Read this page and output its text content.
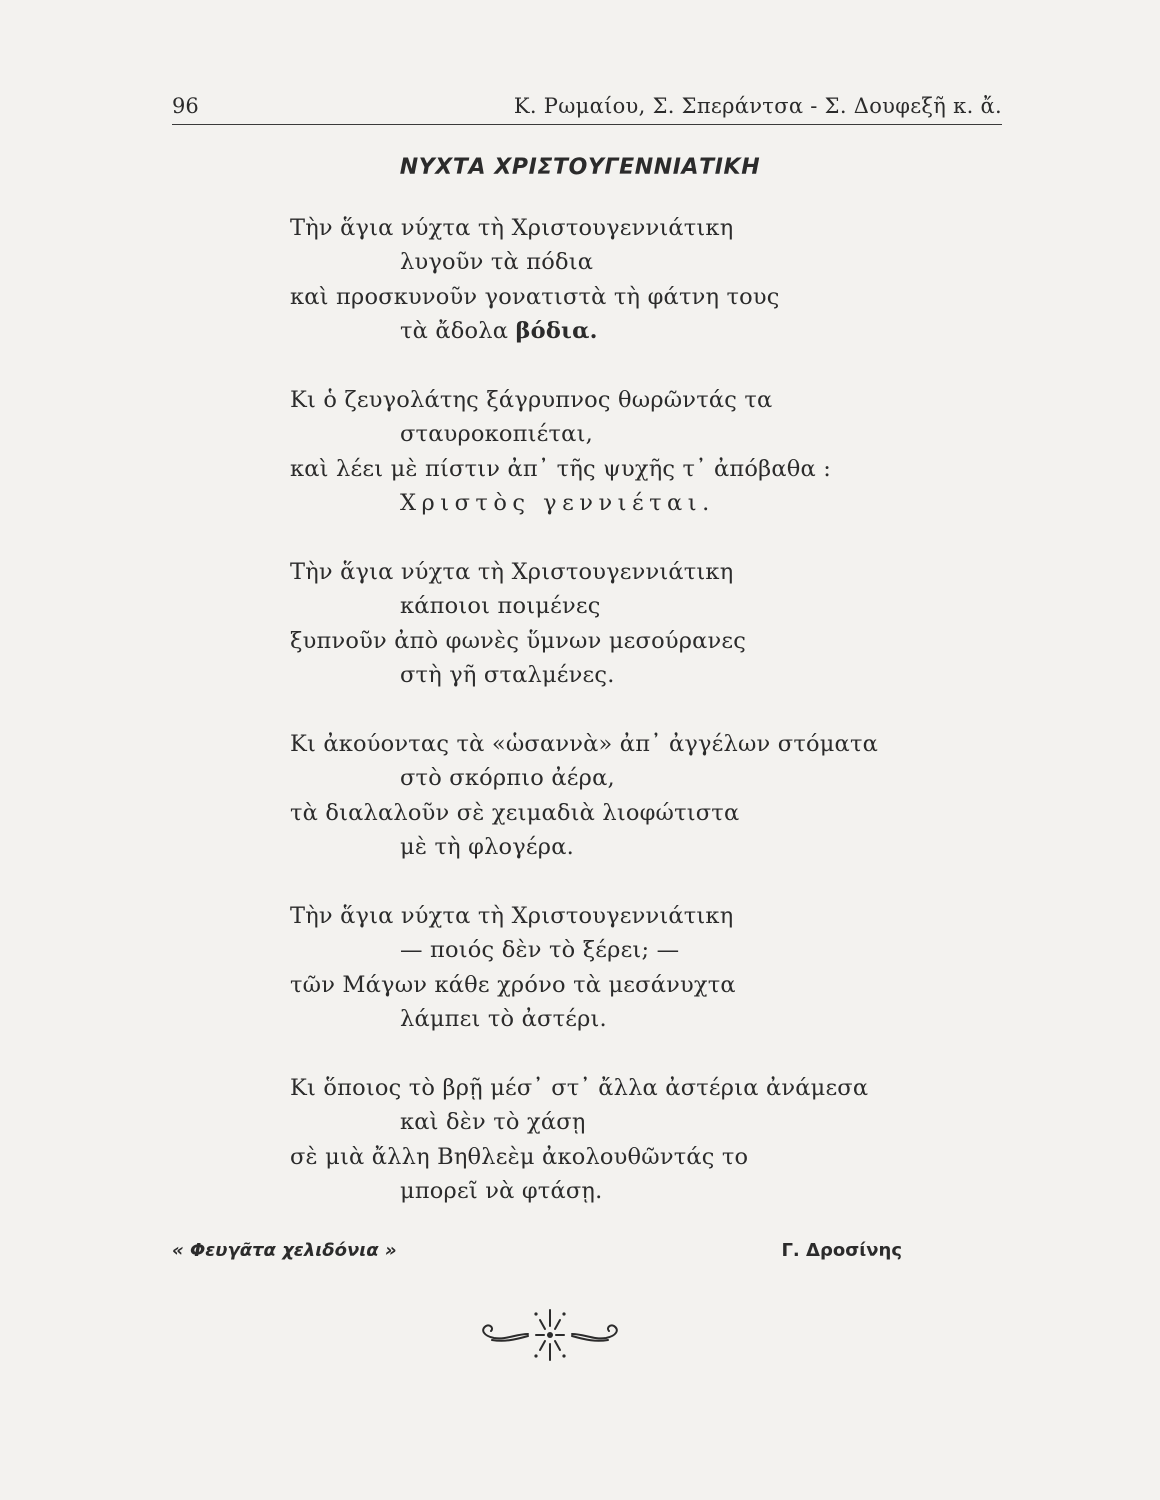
96	Κ. Ρωμαίου, Σ. Σπεράντσα - Σ. Δουφεξῆ κ. ἄ.
ΝΥΧΤΑ ΧΡΙΣΤΟΥΓΕΝΝΙΑΤΙΚΗ
Τὴν ἅγια νύχτα τὴ Χριστουγεννιάτικη
λυγοῦν τὰ πόδια
καὶ προσκυνοῦν γονατιστὰ τὴ φάτνη τους
τὰ ἄδολα βόδια.
Κι ὁ ζευγολάτης ξάγρυπνος θωρῶντάς τα
σταυροκοπιέται,
καὶ λέει μὲ πίστιν ἀπ᾿ τῆς ψυχῆς τ᾿ ἀπόβαθα :
Χριστὸς γεννιέται.
Τὴν ἅγια νύχτα τὴ Χριστουγεννιάτικη
κάποιοι ποιμένες
ξυπνοῦν ἀπὸ φωνὲς ὕμνων μεσούρανες
στὴ γῆ σταλμένες.
Κι ἀκούοντας τὰ «ὡσαννὰ» ἀπ᾿ ἀγγέλων στόματα
στὸ σκόρπιο ἀέρα,
τὰ διαλαλοῦν σὲ χειμαδιὰ λιοφώτιστα
μὲ τὴ φλογέρα.
Τὴν ἅγια νύχτα τὴ Χριστουγεννιάτικη
— ποιός δὲν τὸ ξέρει; —
τῶν Μάγων κάθε χρόνο τὰ μεσάνυχτα
λάμπει τὸ ἀστέρι.
Κι ὅποιος τὸ βρῇ μέσ᾿ στ᾿ ἄλλα ἀστέρια ἀνάμεσα
καὶ δὲν τὸ χάσῃ
σὲ μιὰ ἄλλη Βηθλεὲμ ἀκολουθῶντάς το
μπορεῖ νὰ φτάσῃ.
« Φευγᾶτα χελιδόνια »	Γ. Δροσίνης
